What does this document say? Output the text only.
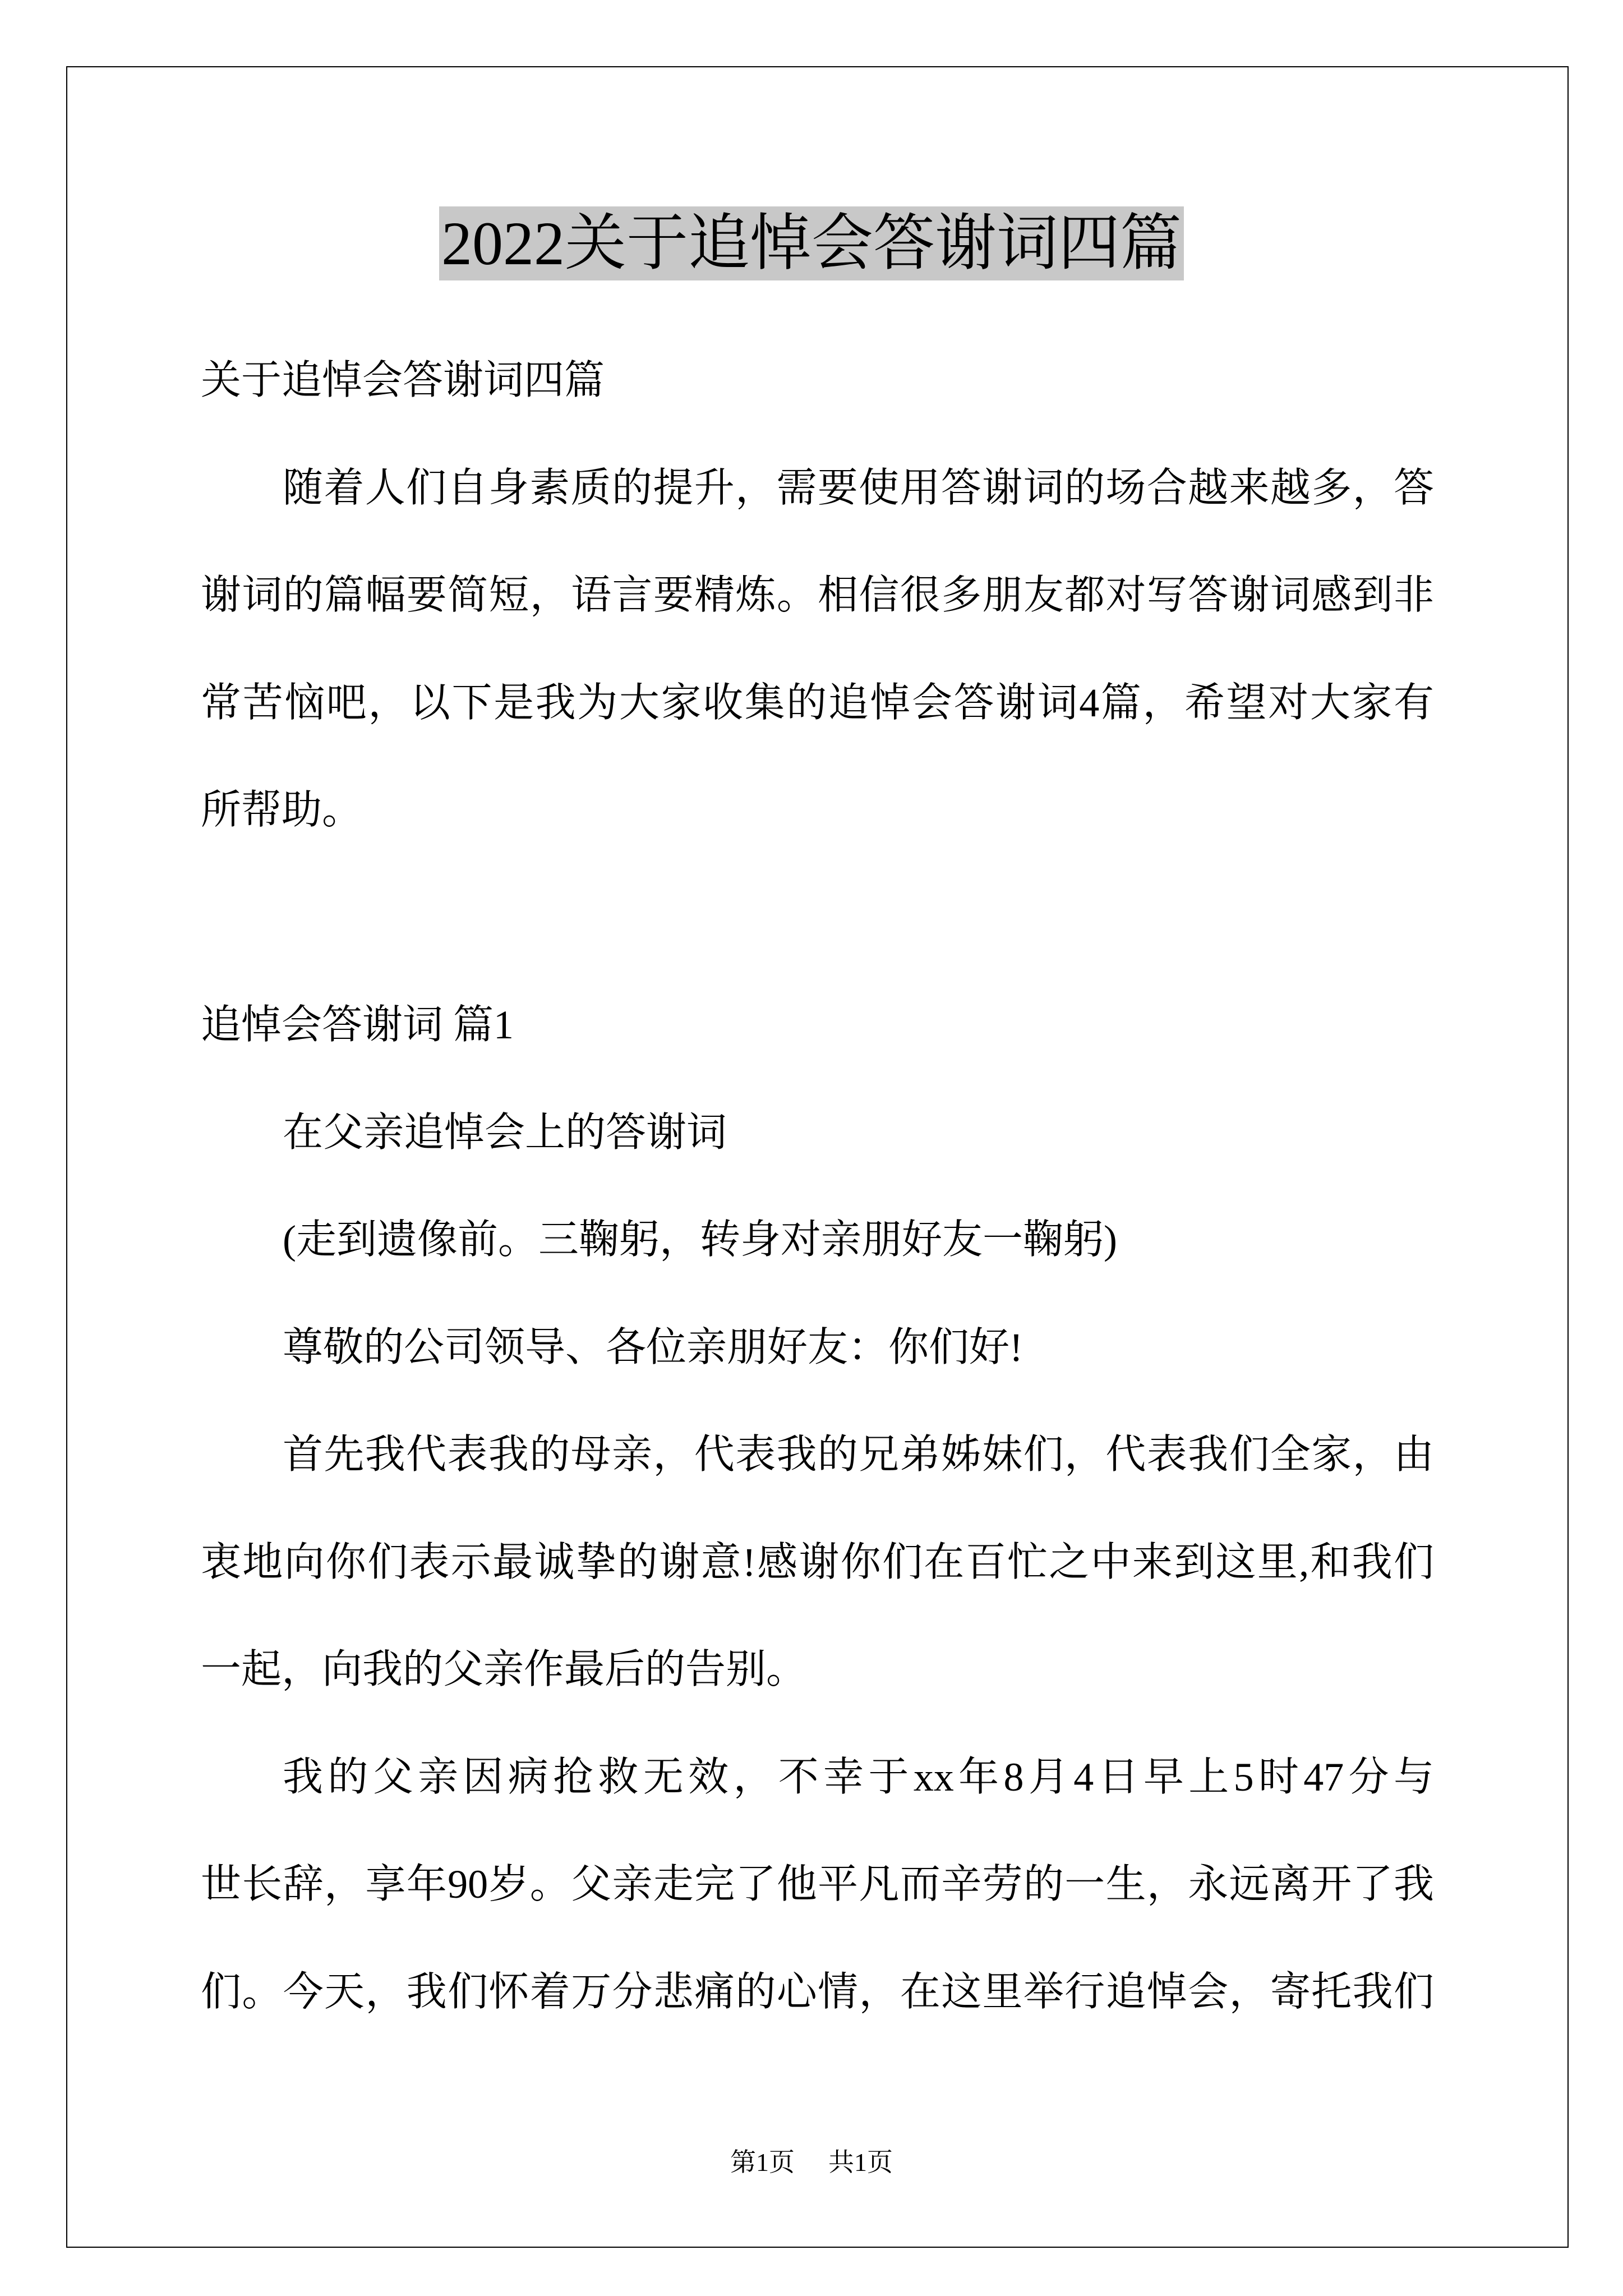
2022关于追悼会答谢词四篇
关于追悼会答谢词四篇
随着人们自身素质的提升，需要使用答谢词的场合越来越多，答
谢词的篇幅要简短，语言要精炼。相信很多朋友都对写答谢词感到非
常苦恼吧，以下是我为大家收集的追悼会答谢词4篇，希望对大家有
所帮助。
追悼会答谢词 篇1
在父亲追悼会上的答谢词
(走到遗像前。三鞠躬，转身对亲朋好友一鞠躬)
尊敬的公司领导、各位亲朋好友：你们好!
首先我代表我的母亲，代表我的兄弟姊妹们，代表我们全家，由
衷地向你们表示最诚挚的谢意!感谢你们在百忙之中来到这里,和我们
一起，向我的父亲作最后的告别。
我的父亲因病抢救无效，不幸于xx年8月4日早上5时47分与
世长辞，享年90岁。父亲走完了他平凡而辛劳的一生，永远离开了我
们。今天，我们怀着万分悲痛的心情，在这里举行追悼会，寄托我们
第1页 共1页
